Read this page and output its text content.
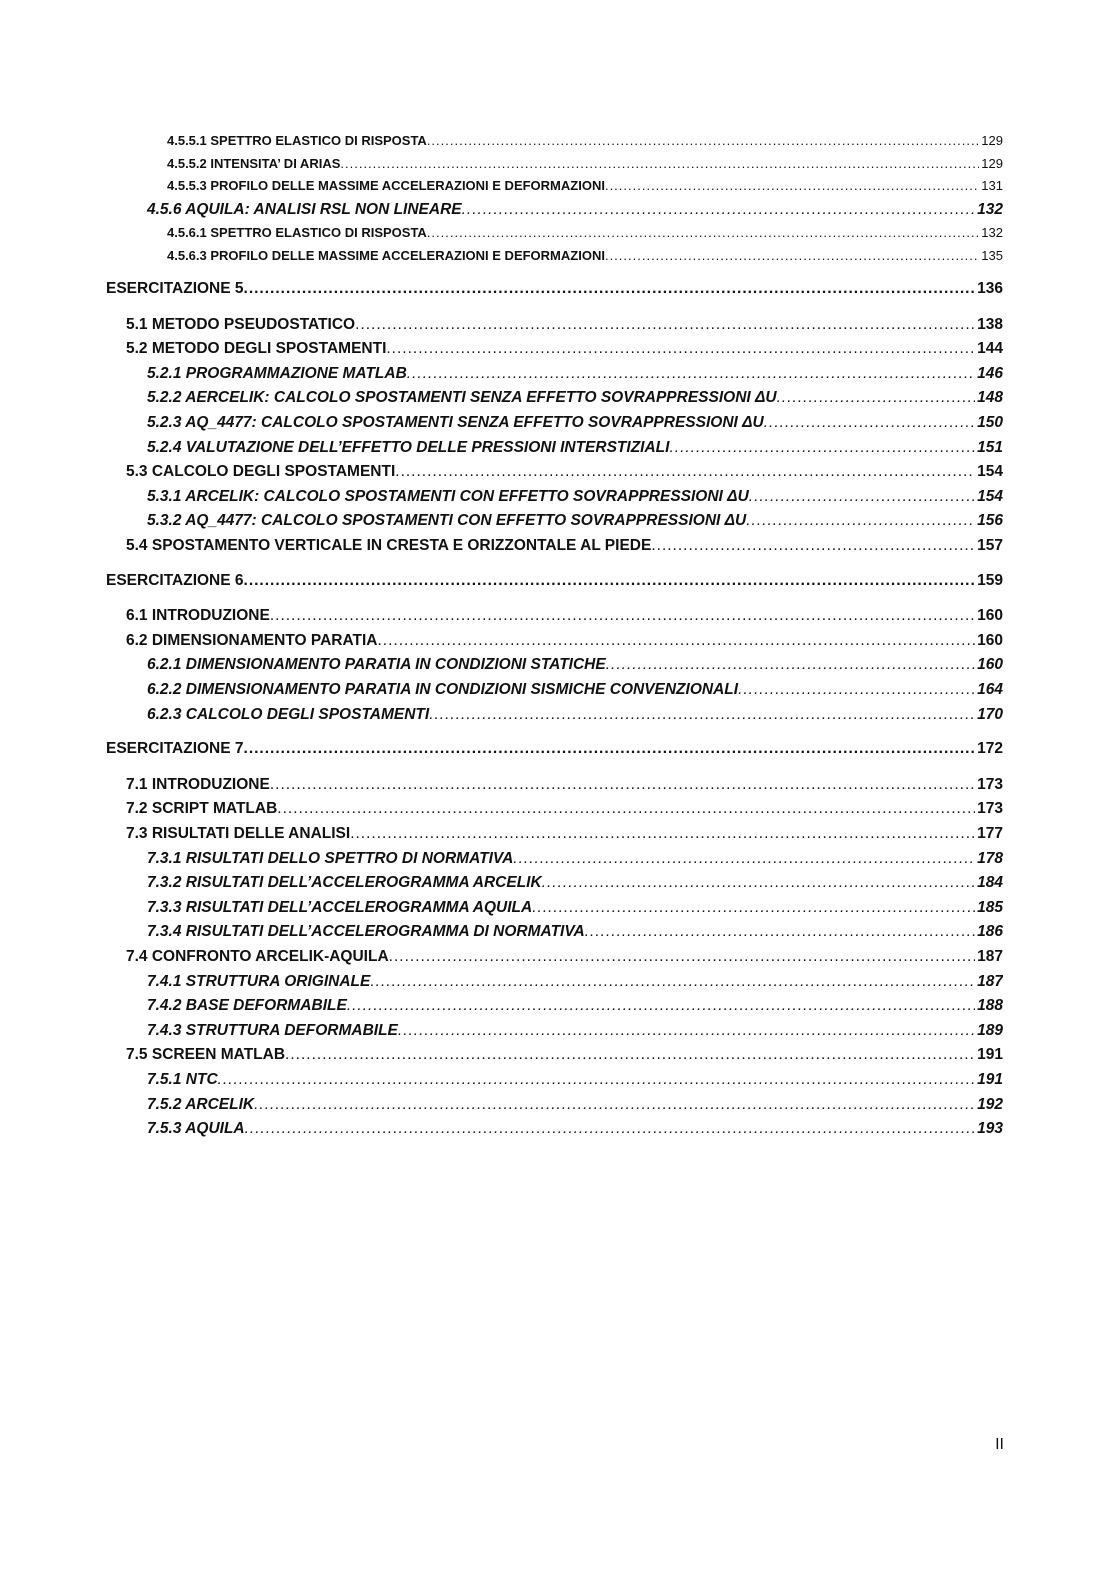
4.5.5.1 SPETTRO ELASTICO DI RISPOSTA .....	129
4.5.5.2 INTENSITA’ DI ARIAS .....	129
4.5.5.3 PROFILO DELLE MASSIME ACCELERAZIONI E DEFORMAZIONI .....	131
4.5.6 AQUILA: ANALISI RSL NON LINEARE .....	132
4.5.6.1 SPETTRO ELASTICO DI RISPOSTA .....	132
4.5.6.3 PROFILO DELLE MASSIME ACCELERAZIONI E DEFORMAZIONI .....	135
ESERCITAZIONE 5 .....	136
5.1 METODO PSEUDOSTATICO .....	138
5.2 METODO DEGLI SPOSTAMENTI .....	144
5.2.1 PROGRAMMAZIONE MATLAB .....	146
5.2.2 AERCELIK: CALCOLO SPOSTAMENTI SENZA EFFETTO SOVRAPPRESSIONI ΔU .....	148
5.2.3 AQ_4477: CALCOLO SPOSTAMENTI SENZA EFFETTO SOVRAPPRESSIONI ΔU .....	150
5.2.4 VALUTAZIONE DELL’EFFETTO DELLE PRESSIONI INTERSTIZIALI .....	151
5.3 CALCOLO DEGLI SPOSTAMENTI .....	154
5.3.1 ARCELIK: CALCOLO SPOSTAMENTI CON EFFETTO SOVRAPPRESSIONI ΔU .....	154
5.3.2 AQ_4477: CALCOLO SPOSTAMENTI CON EFFETTO SOVRAPPRESSIONI ΔU .....	156
5.4 SPOSTAMENTO VERTICALE IN CRESTA E ORIZZONTALE AL PIEDE .....	157
ESERCITAZIONE 6 .....	159
6.1 INTRODUZIONE .....	160
6.2 DIMENSIONAMENTO PARATIA .....	160
6.2.1 DIMENSIONAMENTO PARATIA IN CONDIZIONI STATICHE .....	160
6.2.2 DIMENSIONAMENTO PARATIA IN CONDIZIONI SISMICHE CONVENZIONALI .....	164
6.2.3 CALCOLO DEGLI SPOSTAMENTI .....	170
ESERCITAZIONE 7 .....	172
7.1 INTRODUZIONE .....	173
7.2 SCRIPT MATLAB .....	173
7.3 RISULTATI DELLE ANALISI .....	177
7.3.1 RISULTATI DELLO SPETTRO DI NORMATIVA .....	178
7.3.2 RISULTATI DELL’ACCELEROGRAMMA ARCELIK .....	184
7.3.3 RISULTATI DELL’ACCELEROGRAMMA AQUILA .....	185
7.3.4 RISULTATI DELL’ACCELEROGRAMMA DI NORMATIVA .....	186
7.4 CONFRONTO ARCELIK-AQUILA .....	187
7.4.1 STRUTTURA ORIGINALE .....	187
7.4.2 BASE DEFORMABILE .....	188
7.4.3 STRUTTURA DEFORMABILE .....	189
7.5 SCREEN MATLAB .....	191
7.5.1 NTC .....	191
7.5.2 ARCELIK .....	192
7.5.3 AQUILA .....	193
II
